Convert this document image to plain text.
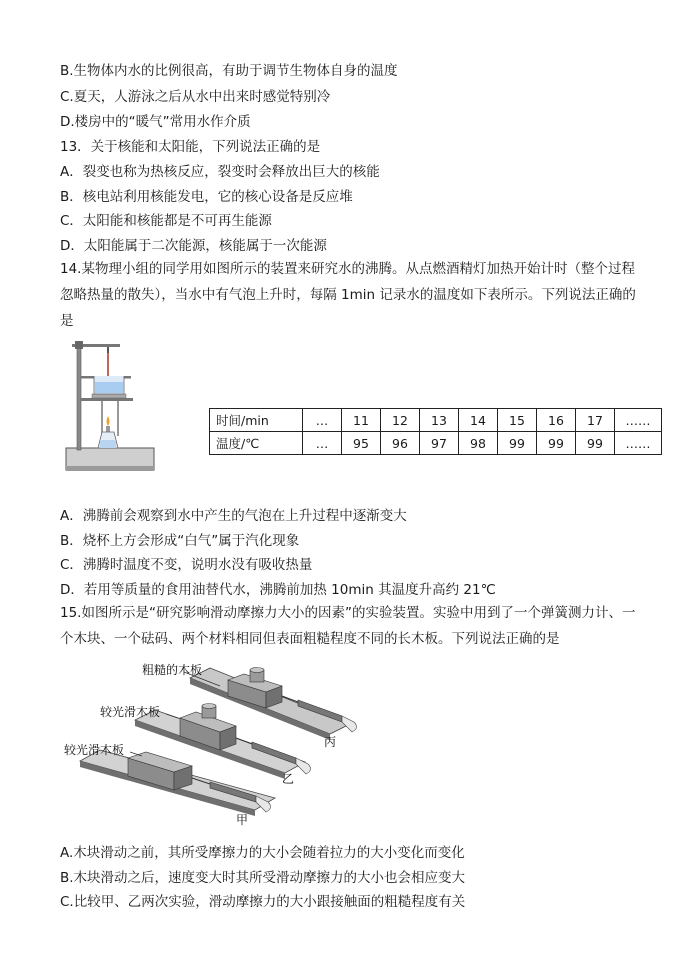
B.生物体内水的比例很高，有助于调节生物体自身的温度
C.夏天，人游泳之后从水中出来时感觉特别冷
D.楼房中的“暖气”常用水作介质
13．关于核能和太阳能，下列说法正确的是
A．裂变也称为热核反应，裂变时会释放出巨大的核能
B．核电站利用核能发电，它的核心设备是反应堆
C．太阳能和核能都是不可再生能源
D．太阳能属于二次能源，核能属于一次能源
14.某物理小组的同学用如图所示的装置来研究水的沸腾。从点燃酒精灯加热开始计时（整个过程忽略热量的散失），当水中有气泡上升时，每隔 1min 记录水的温度如下表所示。下列说法正确的是
时间/min	…	11	12	13	14	15	16	17	……
温度/℃	…	95	96	97	98	99	99	99	……
A．沸腾前会观察到水中产生的气泡在上升过程中逐渐变大
B．烧杯上方会形成“白气”属于汽化现象
C．沸腾时温度不变，说明水没有吸收热量
D．若用等质量的食用油替代水，沸腾前加热 10min 其温度升高约 21℃
15.如图所示是“研究影响滑动摩擦力大小的因素”的实验装置。实验中用到了一个弹簧测力计、一个木块、一个砝码、两个材料相同但表面粗糙程度不同的长木板。下列说法正确的是
粗糙的木板
较光滑木板
较光滑木板
丙
乙
甲
A.木块滑动之前，其所受摩擦力的大小会随着拉力的大小变化而变化
B.木块滑动之后，速度变大时其所受滑动摩擦力的大小也会相应变大
C.比较甲、乙两次实验，滑动摩擦力的大小跟接触面的粗糙程度有关
